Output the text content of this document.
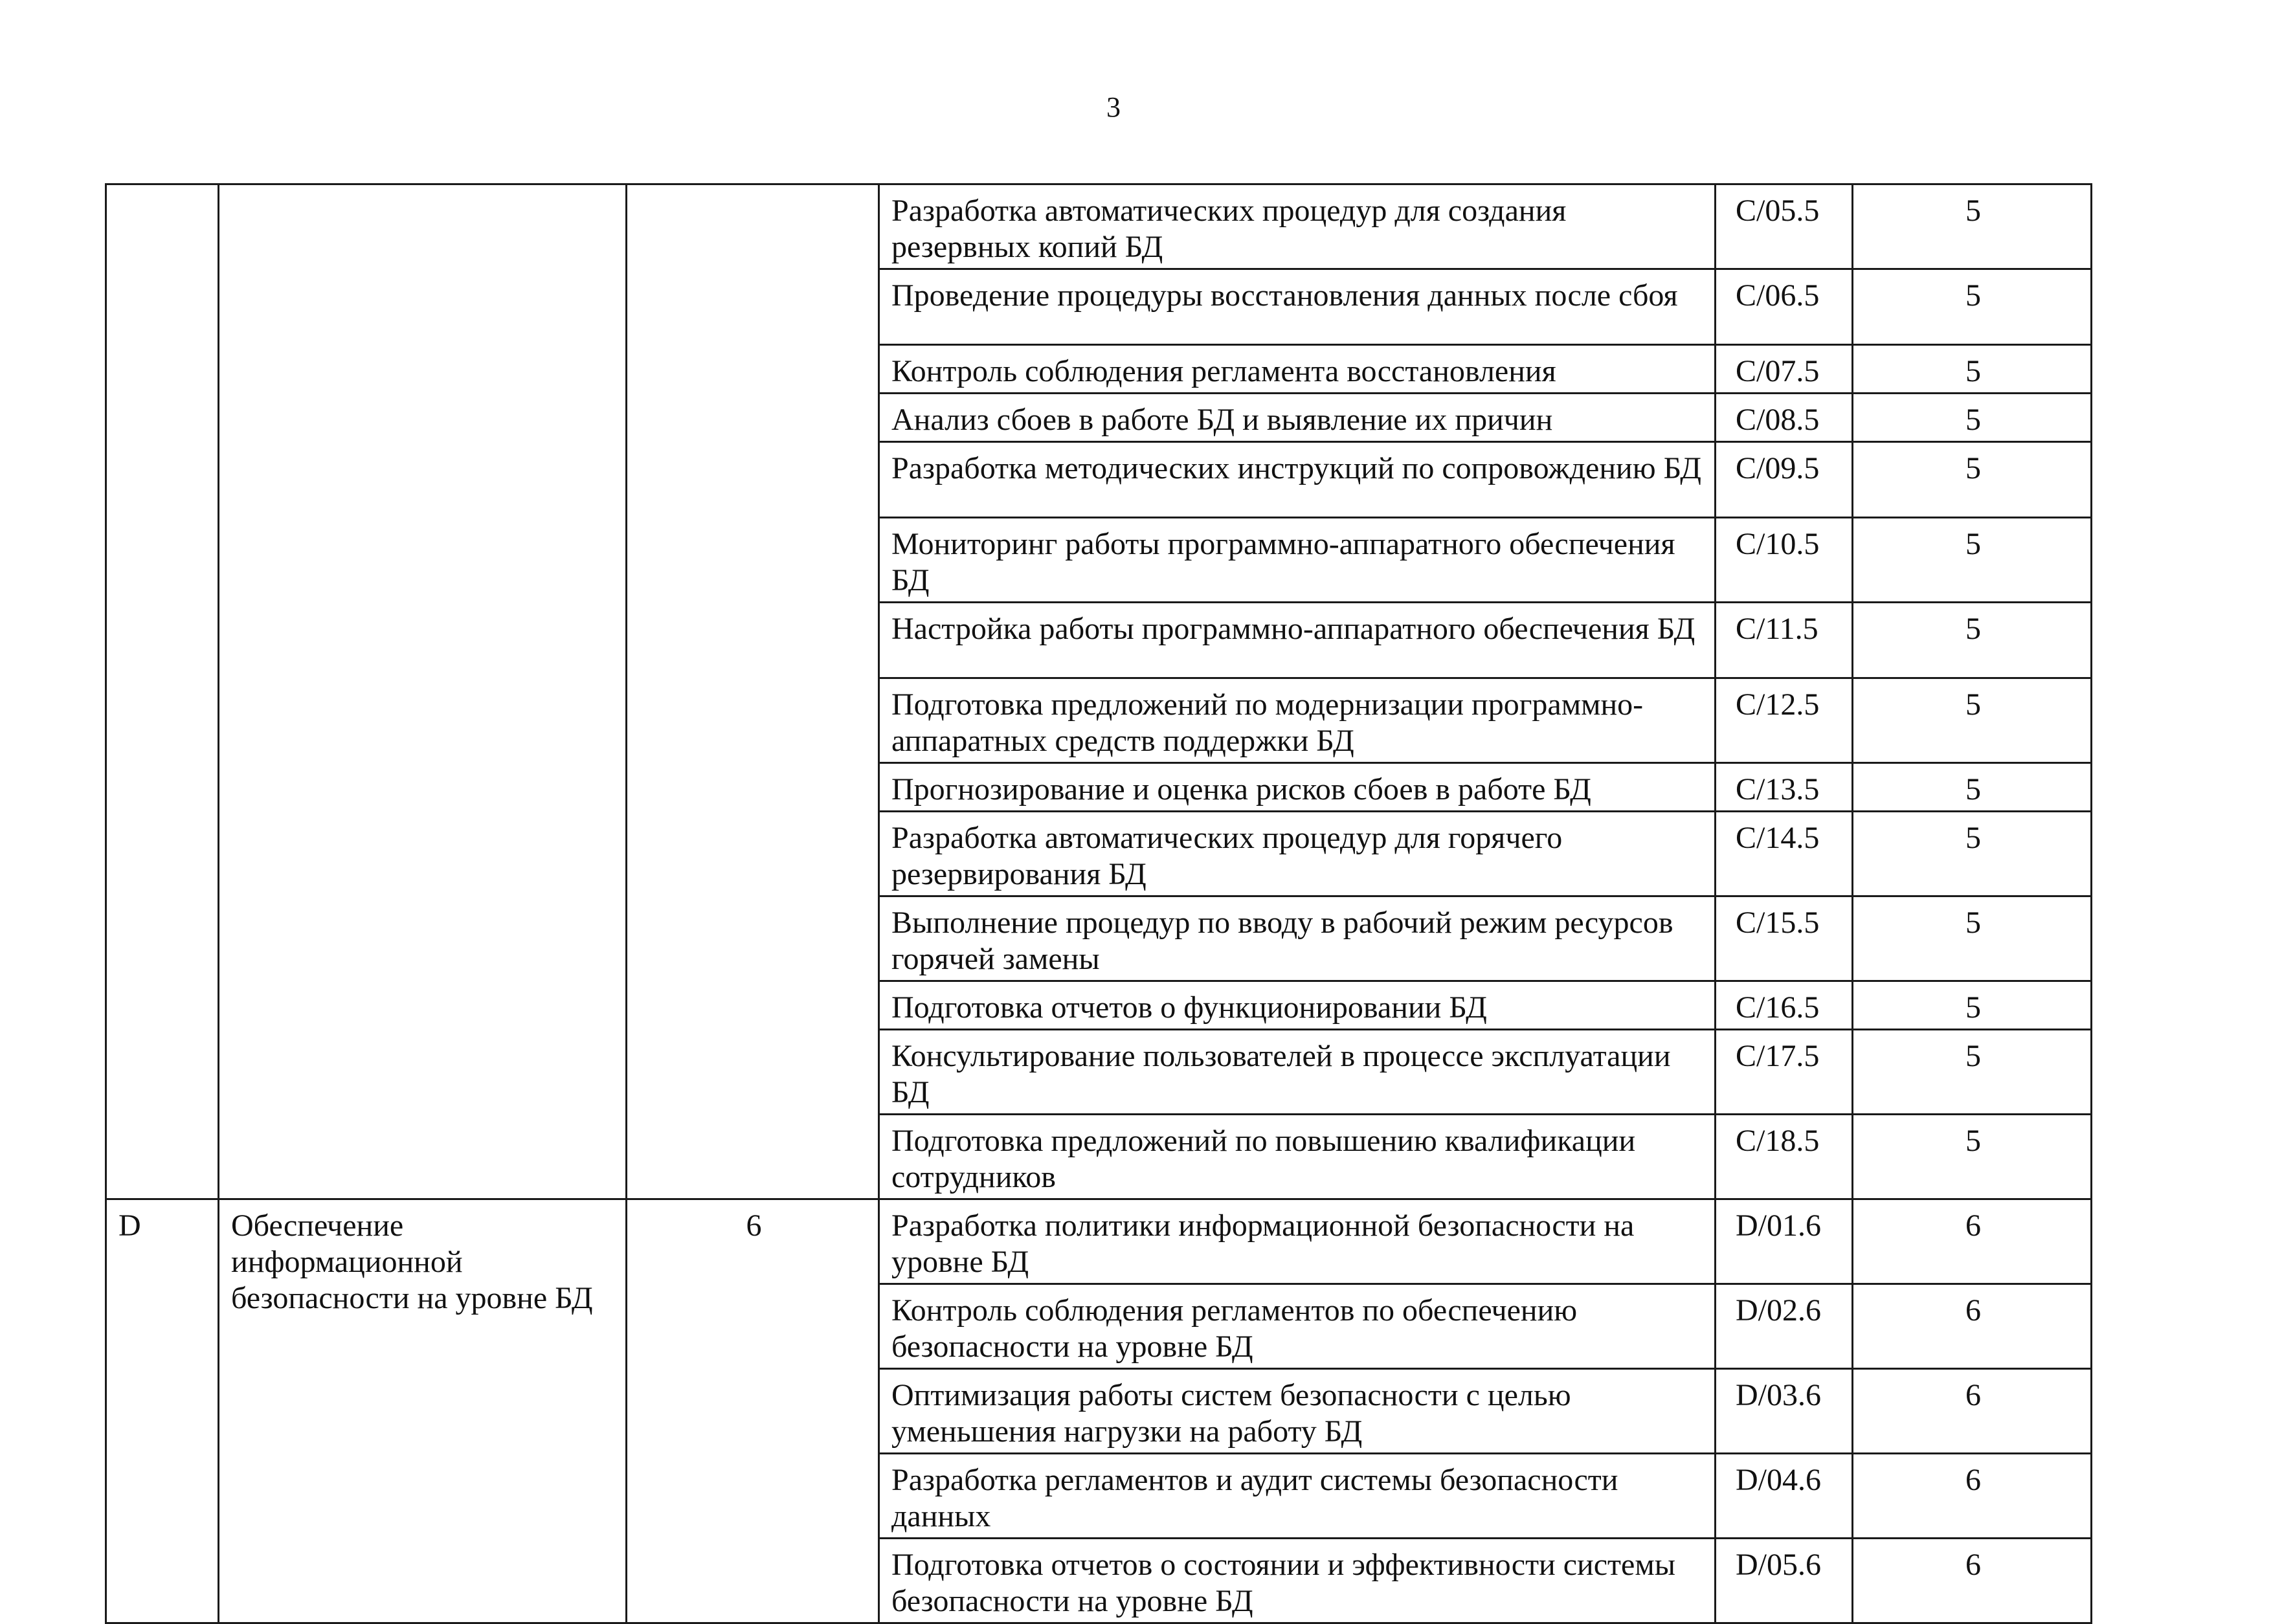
3
			Разработка автоматических процедур для создания резервных копий БД	C/05.5	5
			Проведение процедуры восстановления данных после сбоя	C/06.5	5
			Контроль соблюдения регламента восстановления	C/07.5	5
			Анализ сбоев в работе БД и выявление их причин	C/08.5	5
			Разработка методических инструкций по сопровождению БД	C/09.5	5
			Мониторинг работы программно-аппаратного обеспечения БД	C/10.5	5
			Настройка работы программно-аппаратного обеспечения БД	C/11.5	5
			Подготовка предложений по модернизации программно-аппаратных средств поддержки БД	C/12.5	5
			Прогнозирование и оценка рисков сбоев в работе БД	C/13.5	5
			Разработка автоматических процедур для горячего резервирования БД	C/14.5	5
			Выполнение процедур по вводу в рабочий режим ресурсов горячей замены	C/15.5	5
			Подготовка отчетов о функционировании БД	C/16.5	5
			Консультирование пользователей в процессе эксплуатации БД	C/17.5	5
			Подготовка предложений по повышению квалификации сотрудников	C/18.5	5
D	Обеспечение информационной безопасности на уровне БД	6	Разработка политики информационной безопасности на уровне БД	D/01.6	6
			Контроль соблюдения регламентов по обеспечению безопасности на уровне БД	D/02.6	6
			Оптимизация работы систем безопасности с целью уменьшения нагрузки на работу БД	D/03.6	6
			Разработка регламентов и аудит системы безопасности данных	D/04.6	6
			Подготовка отчетов о состоянии и эффективности системы безопасности на уровне БД	D/05.6	6
